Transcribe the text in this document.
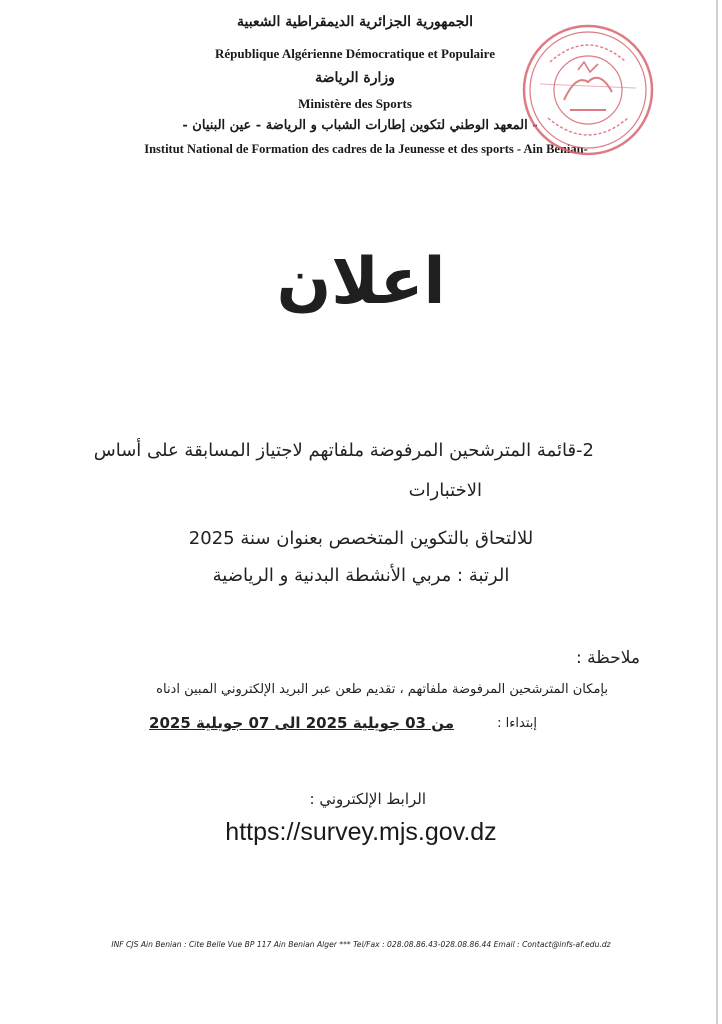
الجمهورية الجزائرية الديمقراطية الشعبية
République Algérienne Démocratique et Populaire
وزارة الرياضة
Ministère des Sports
- المعهد الوطني لتكوين إطارات الشباب و الرياضة - عين البنيان -
Institut National de Formation des cadres de la Jeunesse et des sports - Ain Benian-
اعلان
2-قائمة المترشحين المرفوضة ملفاتهم لاجتياز المسابقة على أساس
الاختبارات
للالتحاق بالتكوين المتخصص بعنوان سنة 2025
الرتبة : مربي الأنشطة البدنية و الرياضية
ملاحظة :
بإمكان المترشحين المرفوضة ملفاتهم ، تقديم طعن عبر البريد الإلكتروني المبين ادناه
إبتداءا :
من 03 جويلية 2025 الى 07 جويلية 2025
الرابط الإلكتروني :
https://survey.mjs.gov.dz
INF CJS Ain Benian : Cite Belle Vue BP 117 Ain Benian Alger *** Tel/Fax : 028.08.86.43-028.08.86.44 Email : Contact@infs-af.edu.dz
